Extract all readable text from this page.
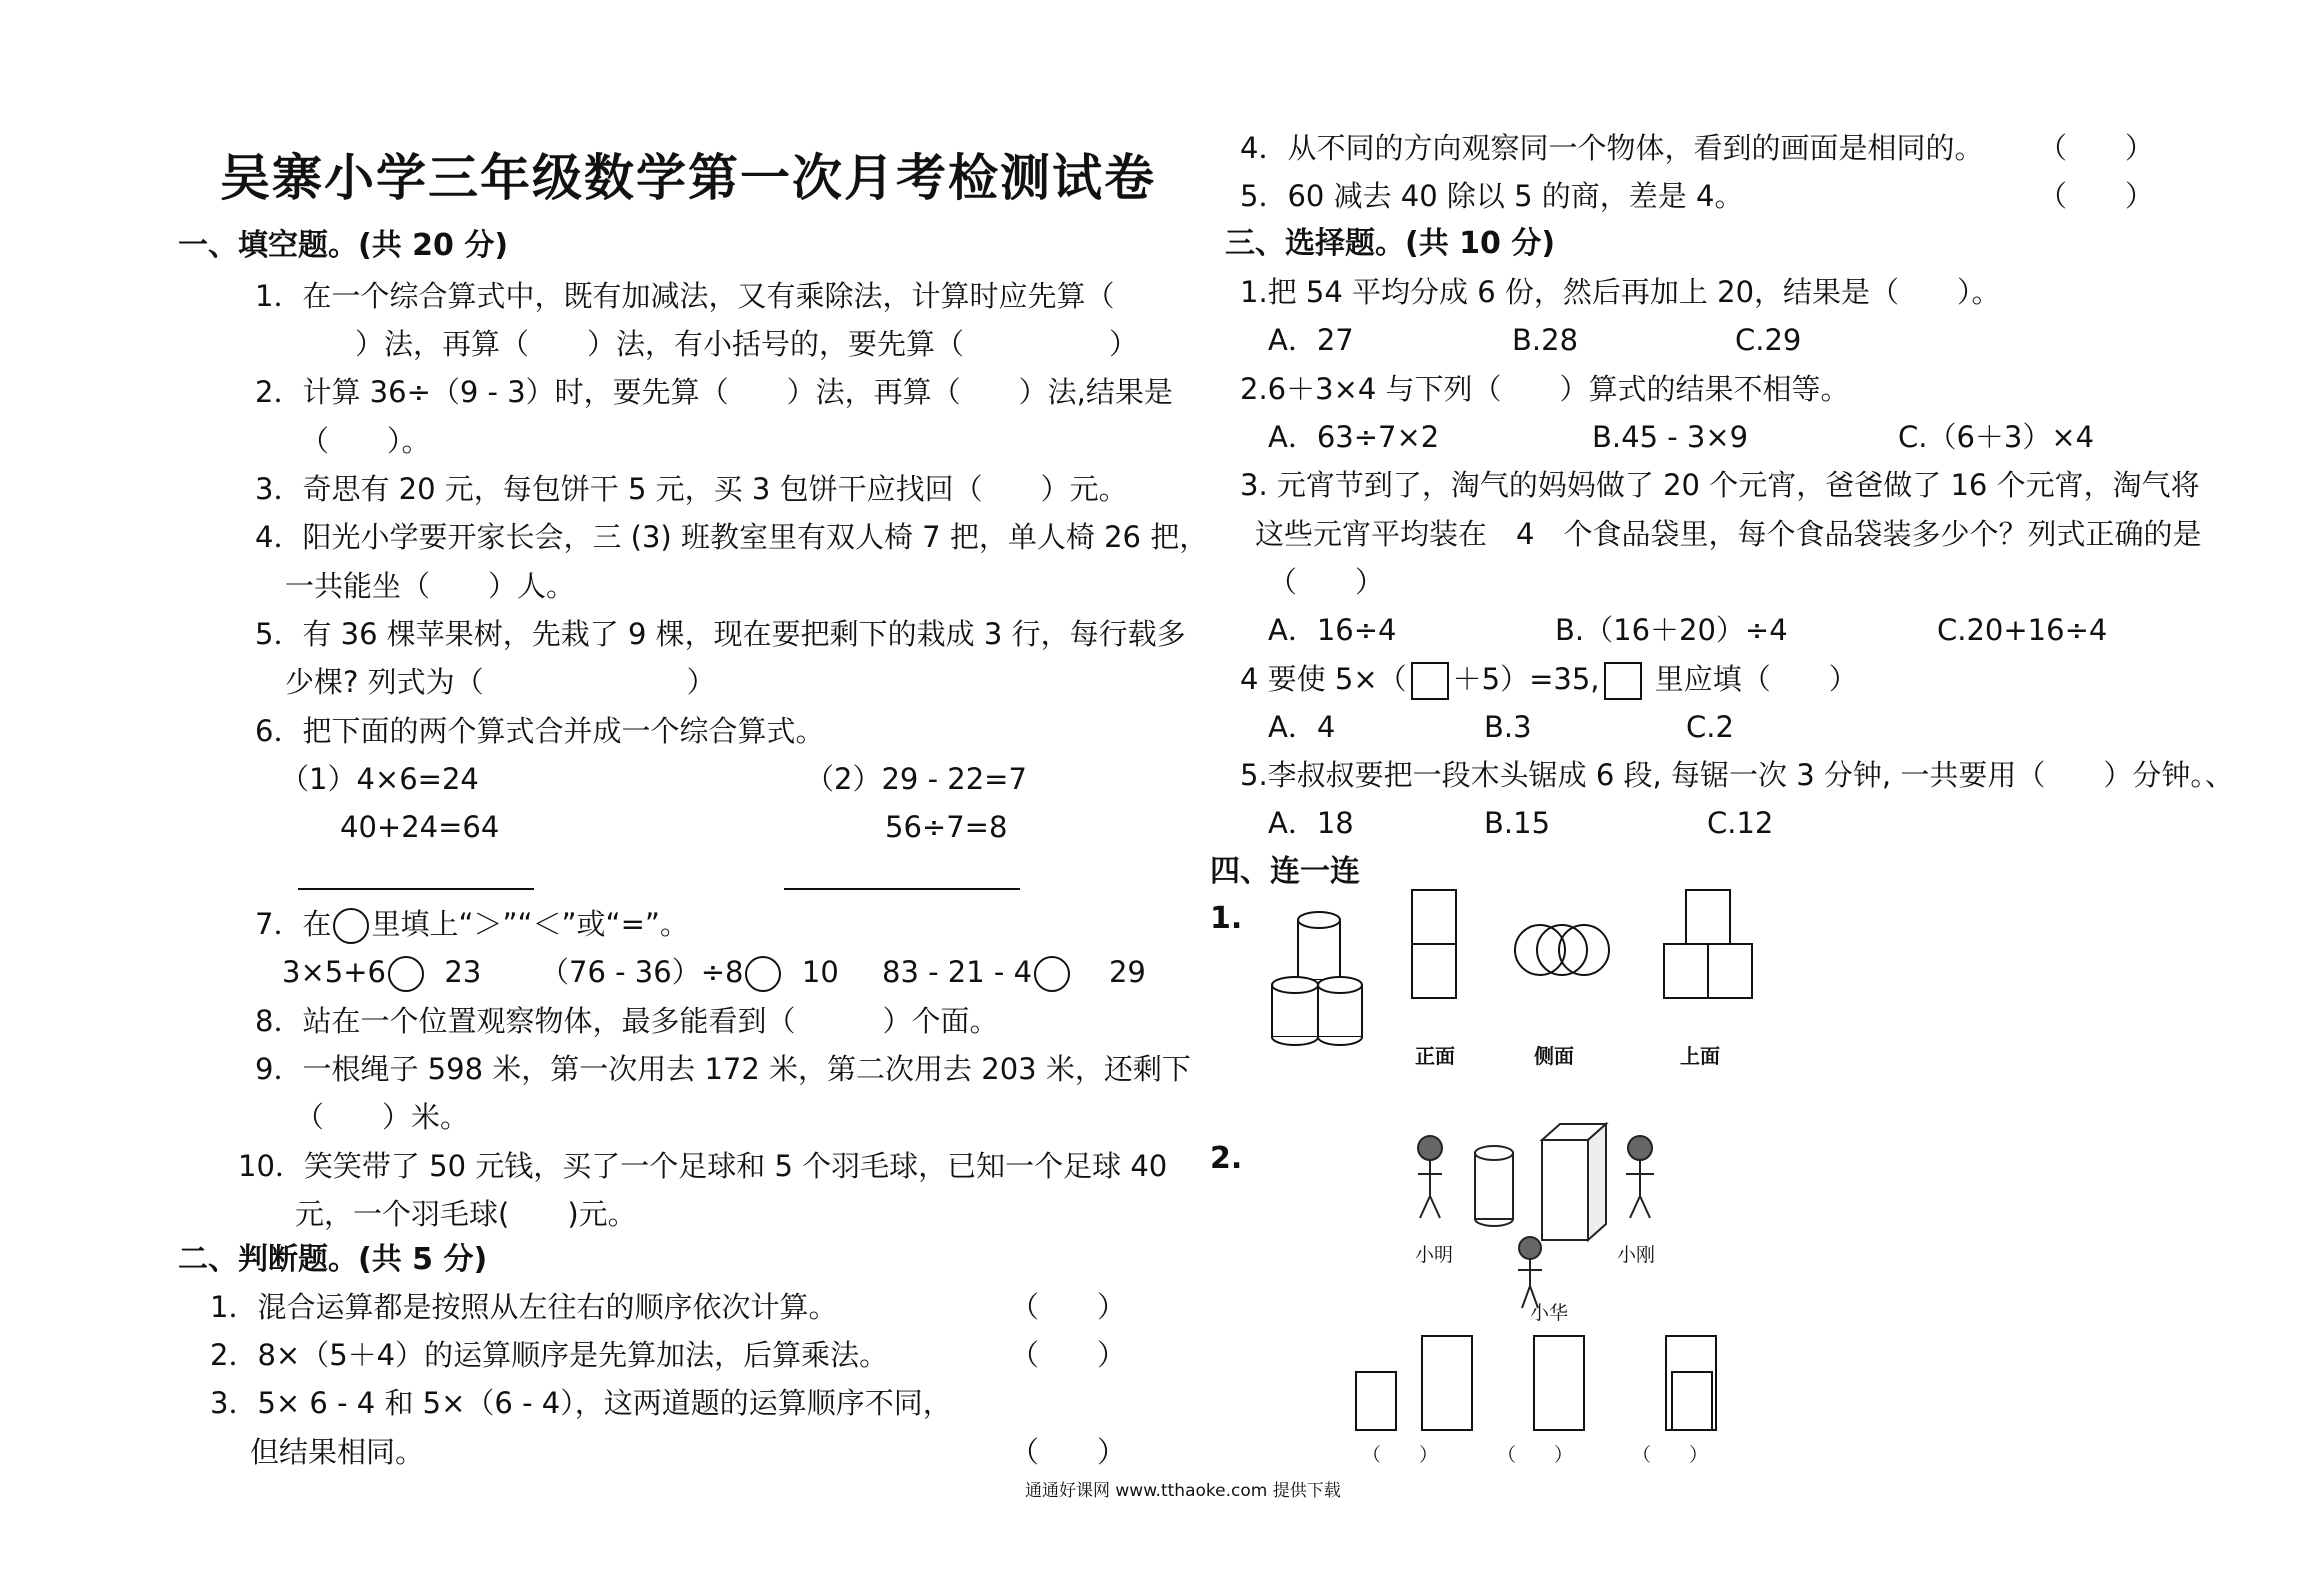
吴寨小学三年级数学第一次月考检测试卷
一、填空题。(共 20 分)
1．在一个综合算式中，既有加减法，又有乘除法，计算时应先算（
）法，再算（　　）法，有小括号的，要先算（　　　　　）
2．计算 36÷（9 - 3）时，要先算（　　）法，再算（　　）法,结果是
（　　）。
3．奇思有 20 元，每包饼干 5 元，买 3 包饼干应找回（　　）元。
4．阳光小学要开家长会，三 (3) 班教室里有双人椅 7 把，单人椅 26 把，
一共能坐（　　）人。
5．有 36 棵苹果树，先栽了 9 棵，现在要把剩下的栽成 3 行，每行载多
少棵? 列式为（　　　　　　　）
6．把下面的两个算式合并成一个综合算式。
（1）4×6=24
40+24=64
（2）29 - 22=7
56÷7=8
7．在 里填上“＞”“＜”或“=”。
3×5+6 23 （76 - 36）÷8 10 83 - 21 - 4	29
8．站在一个位置观察物体，最多能看到（　　　）个面。
9．一根绳子 598 米，第一次用去 172 米，第二次用去 203 米，还剩下
（　　）米。
10．笑笑带了 50 元钱，买了一个足球和 5 个羽毛球，已知一个足球 40
元，一个羽毛球(　　)元。
二、判断题。(共 5 分)
1．混合运算都是按照从左往右的顺序依次计算。	（　　）
2．8×（5＋4）的运算顺序是先算加法，后算乘法。	（　　）
3．5× 6 - 4 和 5×（6 - 4），这两道题的运算顺序不同，
但结果相同。	（　　）
4．从不同的方向观察同一个物体，看到的画面是相同的。 （　　）
5．60 减去 40 除以 5 的商，差是 4。	（　　）
三、选择题。(共 10 分)
1.把 54 平均分成 6 份，然后再加上 20，结果是（　　）。
A．27	B.28	C.29
2.6＋3×4 与下列（　　）算式的结果不相等。
A．63÷7×2	B.45 - 3×9	C.（6＋3）×4
3. 元宵节到了，淘气的妈妈做了 20 个元宵，爸爸做了 16 个元宵，淘气将
这些元宵平均装在　4　个食品袋里，每个食品袋装多少个？列式正确的是
（　　）
A．16÷4	B.（16＋20）÷4	C.20+16÷4
4 要使 5×（ ＋5）=35, 里应填（　　）
A．4	B.3	C.2
5.李叔叔要把一段木头锯成 6 段, 每锯一次 3 分钟, 一共要用（　　）分钟。、
A．18	B.15	C.12
四、连一连
1.
2.
正面	侧面	上面
小明	小刚
小华
（　　）	（　　）	（　　）
通通好课网 www.tthaoke.com 提供下载
